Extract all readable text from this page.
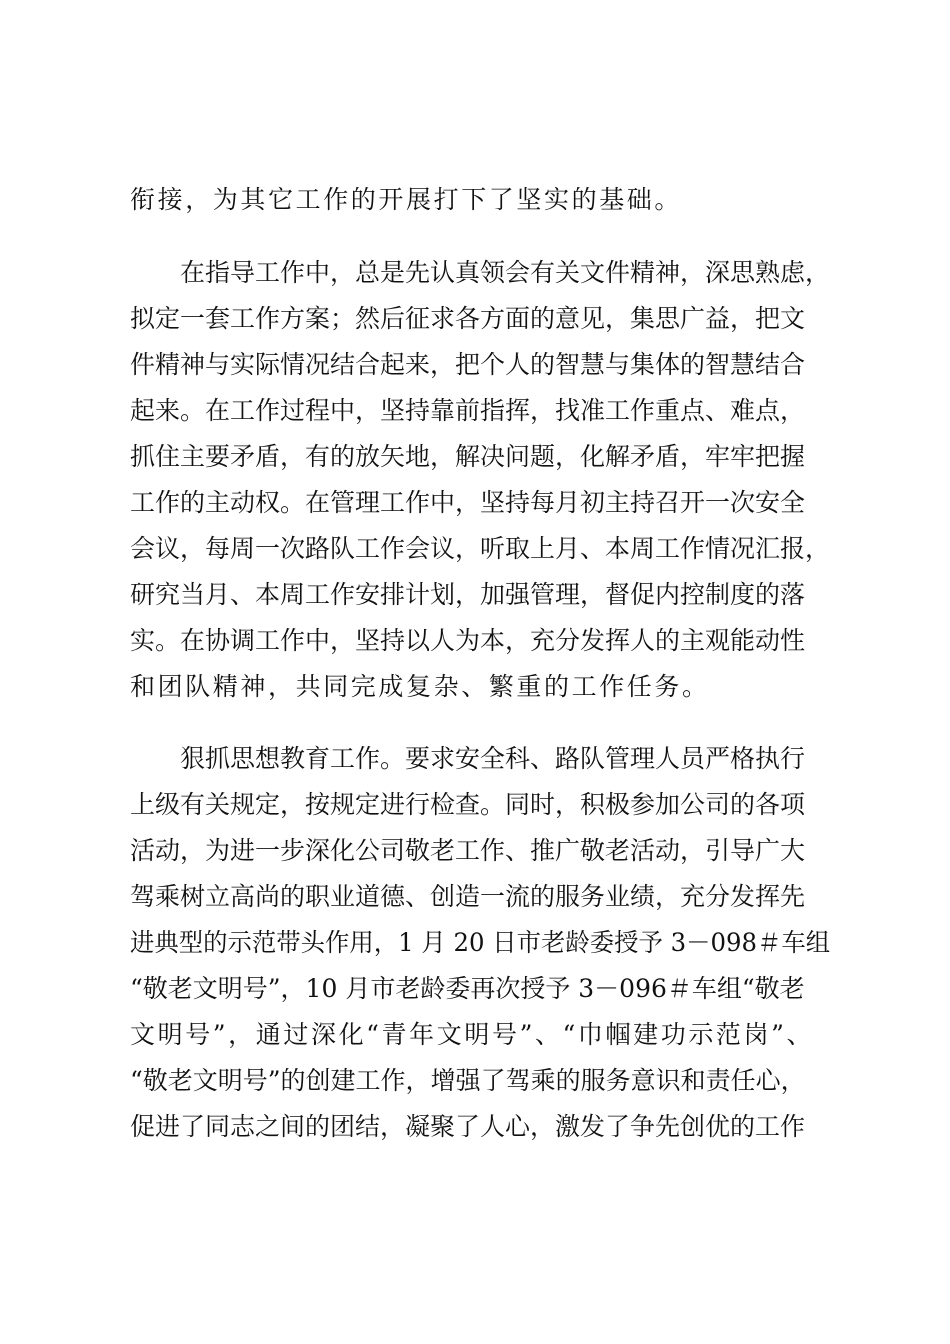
衔接，为其它工作的开展打下了坚实的基础。
　　在指导工作中，总是先认真领会有关文件精神，深思熟虑，
拟定一套工作方案；然后征求各方面的意见，集思广益，把文
件精神与实际情况结合起来，把个人的智慧与集体的智慧结合
起来。在工作过程中，坚持靠前指挥，找准工作重点、难点，
抓住主要矛盾，有的放矢地，解决问题，化解矛盾，牢牢把握
工作的主动权。在管理工作中，坚持每月初主持召开一次安全
会议，每周一次路队工作会议，听取上月、本周工作情况汇报，
研究当月、本周工作安排计划，加强管理，督促内控制度的落
实。在协调工作中，坚持以人为本，充分发挥人的主观能动性
和团队精神，共同完成复杂、繁重的工作任务。
　　狠抓思想教育工作。要求安全科、路队管理人员严格执行
上级有关规定，按规定进行检查。同时，积极参加公司的各项
活动，为进一步深化公司敬老工作、推广敬老活动，引导广大
驾乘树立高尚的职业道德、创造一流的服务业绩，充分发挥先
进典型的示范带头作用，1 月 20 日市老龄委授予 3－098＃车组
“敬老文明号”，10 月市老龄委再次授予 3－096＃车组“敬老
文明号”，通过深化“青年文明号”、“巾帼建功示范岗”、
“敬老文明号”的创建工作，增强了驾乘的服务意识和责任心，
促进了同志之间的团结，凝聚了人心，激发了争先创优的工作
